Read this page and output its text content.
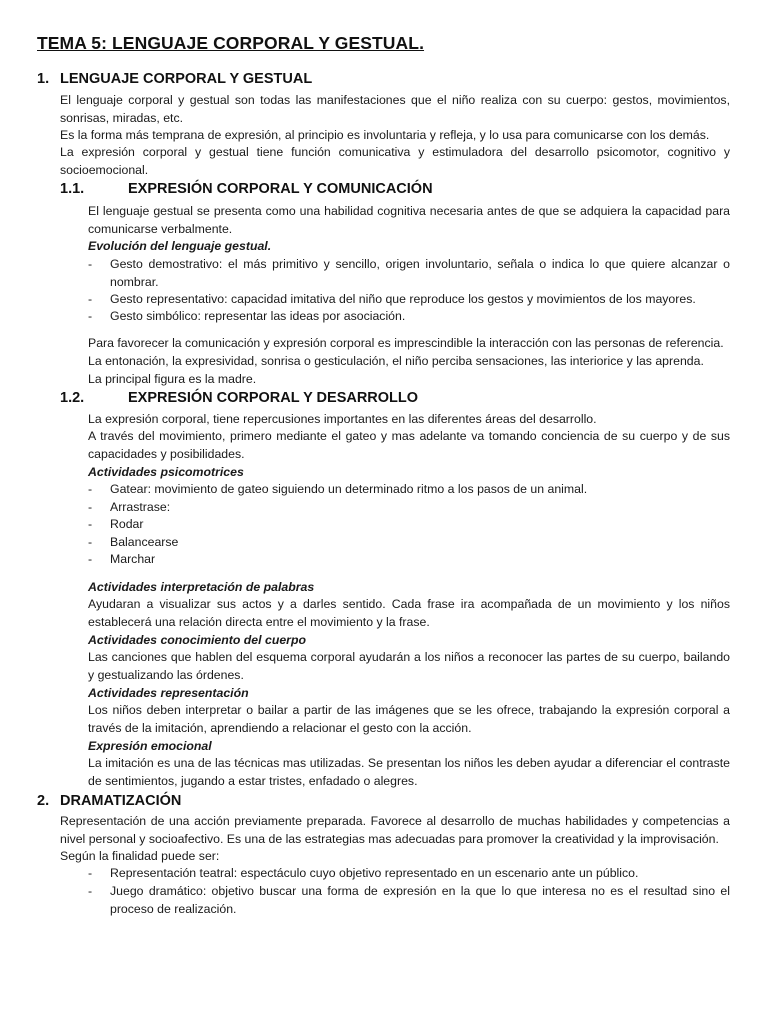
TEMA 5: LENGUAJE CORPORAL Y GESTUAL.
1. LENGUAJE CORPORAL Y GESTUAL
El lenguaje corporal y gestual son todas las manifestaciones que el niño realiza con su cuerpo: gestos, movimientos, sonrisas, miradas, etc.
Es la forma más temprana de expresión, al principio es involuntaria y refleja, y lo usa para comunicarse con los demás.
La expresión corporal y gestual tiene función comunicativa y estimuladora del desarrollo psicomotor, cognitivo y socioemocional.
1.1.	EXPRESIÓN CORPORAL Y COMUNICACIÓN
El lenguaje gestual se presenta como una habilidad cognitiva necesaria antes de que se adquiera la capacidad para comunicarse verbalmente.
Evolución del lenguaje gestual.
- Gesto demostrativo: el más primitivo y sencillo, origen involuntario, señala o indica lo que quiere alcanzar o nombrar.
- Gesto representativo: capacidad imitativa del niño que reproduce los gestos y movimientos de los mayores.
- Gesto simbólico: representar las ideas por asociación.
Para favorecer la comunicación y expresión corporal es imprescindible la interacción con las personas de referencia.
La entonación, la expresividad, sonrisa o gesticulación, el niño perciba sensaciones, las interiorice y las aprenda.
La principal figura es la madre.
1.2.	EXPRESIÓN CORPORAL Y DESARROLLO
La expresión corporal, tiene repercusiones importantes en las diferentes áreas del desarrollo.
A través del movimiento, primero mediante el gateo y mas adelante va tomando conciencia de su cuerpo y de sus capacidades y posibilidades.
Actividades psicomotrices
- Gatear: movimiento de gateo siguiendo un determinado ritmo a los pasos de un animal.
- Arrastrase:
- Rodar
- Balancearse
- Marchar
Actividades interpretación de palabras
Ayudaran a visualizar sus actos y a darles sentido. Cada frase ira acompañada de un movimiento y los niños establecerá una relación directa entre el movimiento y la frase.
Actividades conocimiento del cuerpo
Las canciones que hablen del esquema corporal ayudarán a los niños a reconocer las partes de su cuerpo, bailando y gestualizando las órdenes.
Actividades representación
Los niños deben interpretar o bailar a partir de las imágenes que se les ofrece, trabajando la expresión corporal a través de la imitación, aprendiendo a relacionar el gesto con la acción.
Expresión emocional
La imitación es una de las técnicas mas utilizadas. Se presentan los niños les deben ayudar a diferenciar el contraste de sentimientos, jugando a estar tristes, enfadado o alegres.
2. DRAMATIZACIÓN
Representación de una acción previamente preparada. Favorece al desarrollo de muchas habilidades y competencias a nivel personal y socioafectivo. Es una de las estrategias mas adecuadas para promover la creatividad y la improvisación.
Según la finalidad puede ser:
- Representación teatral: espectáculo cuyo objetivo representado en un escenario ante un público.
- Juego dramático: objetivo buscar una forma de expresión en la que lo que interesa no es el resultad sino el proceso de realización.
